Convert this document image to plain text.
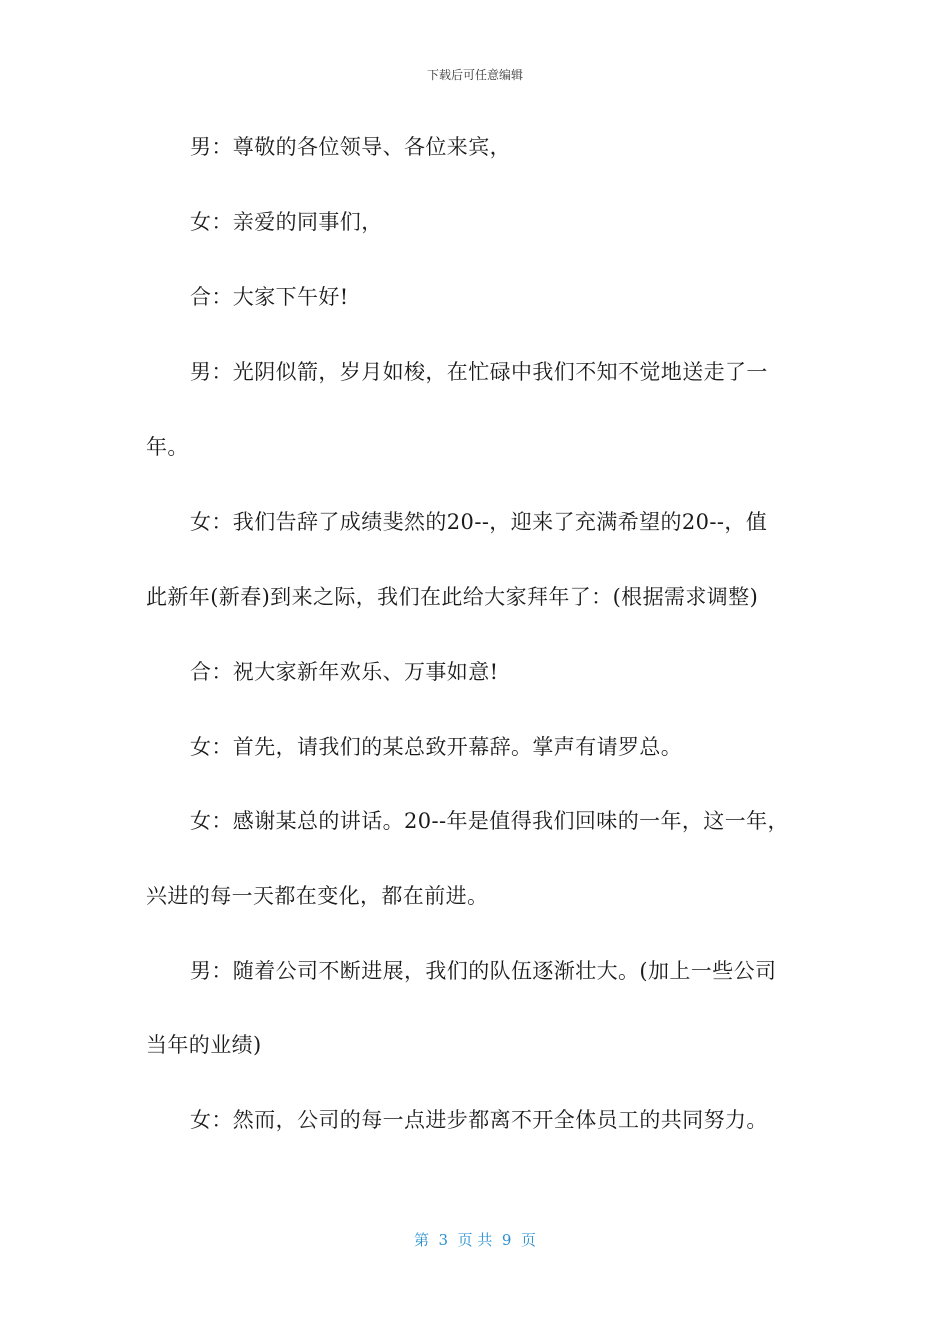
下载后可任意编辑
男：尊敬的各位领导、各位来宾，
女：亲爱的同事们，
合：大家下午好!
男：光阴似箭，岁月如梭，在忙碌中我们不知不觉地送走了一
年。
女：我们告辞了成绩斐然的20--，迎来了充满希望的20--，值
此新年(新春)到来之际，我们在此给大家拜年了：(根据需求调整)
合：祝大家新年欢乐、万事如意!
女：首先，请我们的某总致开幕辞。掌声有请罗总。
女：感谢某总的讲话。20--年是值得我们回味的一年，这一年，
兴进的每一天都在变化，都在前进。
男：随着公司不断进展，我们的队伍逐渐壮大。(加上一些公司
当年的业绩)
女：然而，公司的每一点进步都离不开全体员工的共同努力。
第  3  页 共  9  页
